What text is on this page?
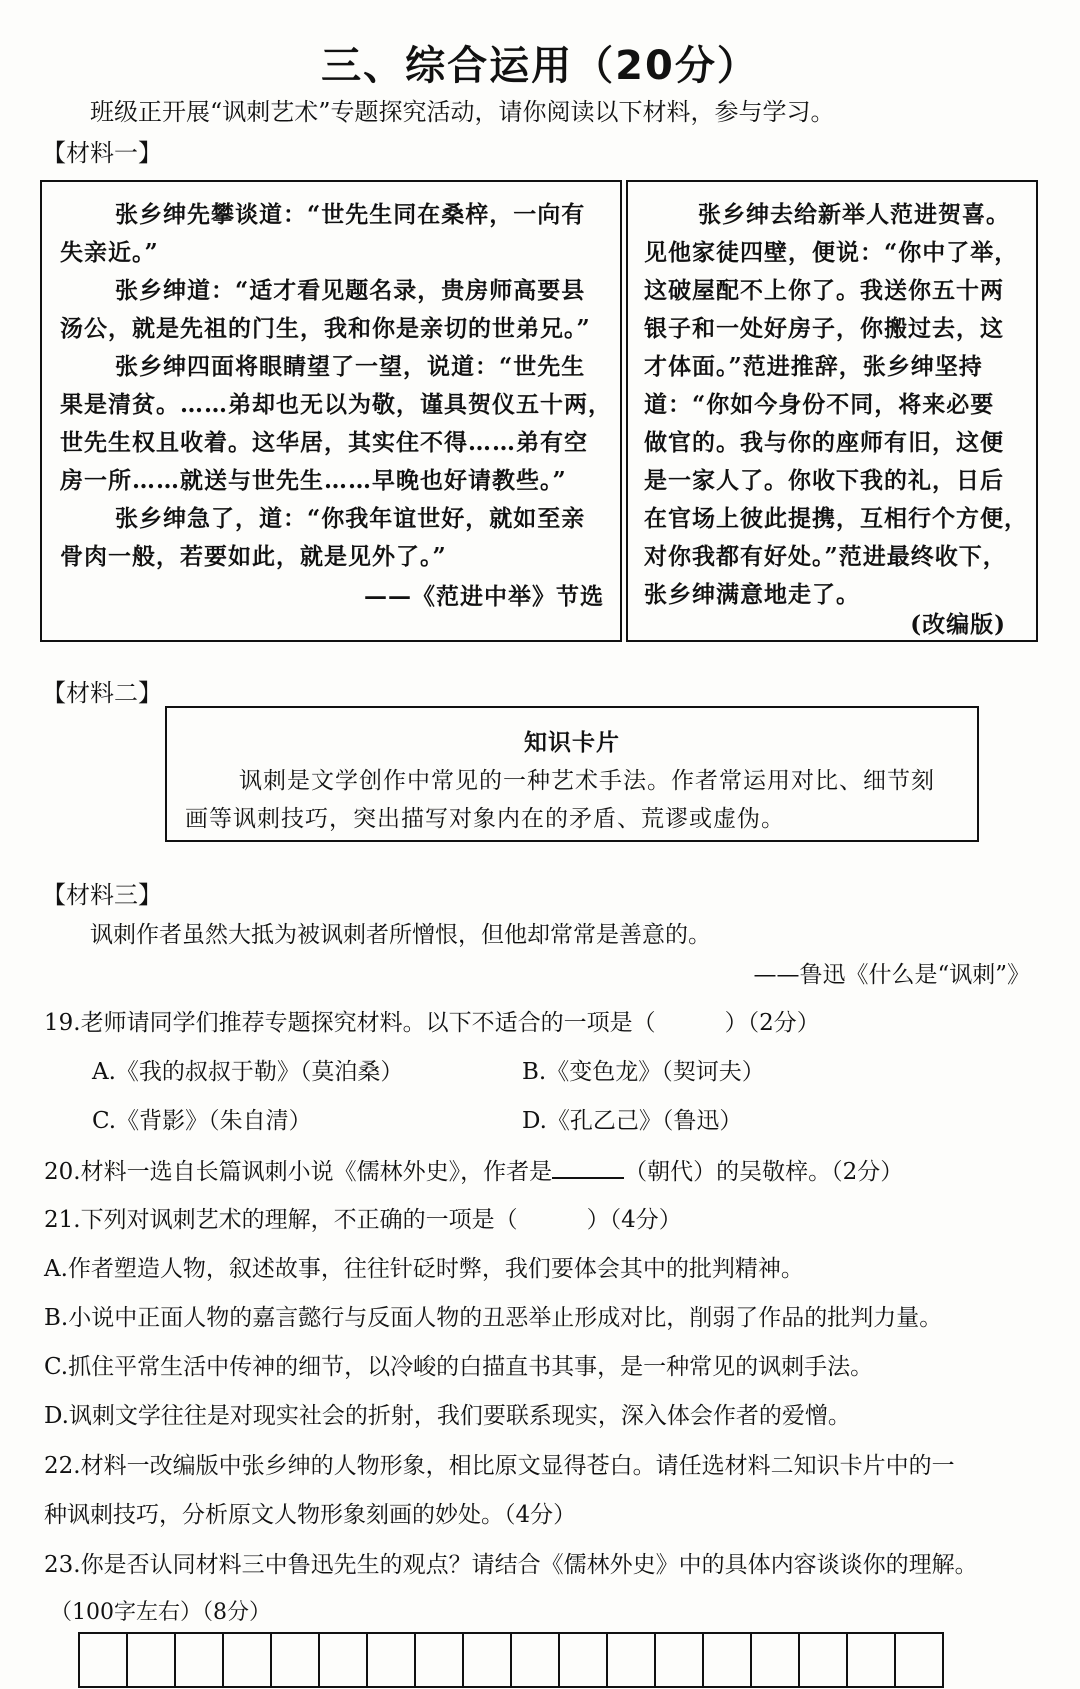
三、综合运用（20分）
班级正开展“讽刺艺术”专题探究活动，请你阅读以下材料，参与学习。
【材料一】
张乡绅先攀谈道：“世先生同在桑梓，一向有
失亲近。”
张乡绅道：“适才看见题名录，贵房师高要县
汤公，就是先祖的门生，我和你是亲切的世弟兄。”
张乡绅四面将眼睛望了一望，说道：“世先生
果是清贫。……弟却也无以为敬，谨具贺仪五十两，
世先生权且收着。这华居，其实住不得……弟有空
房一所……就送与世先生……早晚也好请教些。”
张乡绅急了，道：“你我年谊世好，就如至亲
骨肉一般，若要如此，就是见外了。”
——《范进中举》节选
张乡绅去给新举人范进贺喜。
见他家徒四壁，便说：“你中了举，
这破屋配不上你了。我送你五十两
银子和一处好房子，你搬过去，这
才体面。”范进推辞，张乡绅坚持
道：“你如今身份不同，将来必要
做官的。我与你的座师有旧，这便
是一家人了。你收下我的礼，日后
在官场上彼此提携，互相行个方便，
对你我都有好处。”范进最终收下，
张乡绅满意地走了。
(改编版)
【材料二】
知识卡片
讽刺是文学创作中常见的一种艺术手法。作者常运用对比、细节刻
画等讽刺技巧，突出描写对象内在的矛盾、荒谬或虚伪。
【材料三】
讽刺作者虽然大抵为被讽刺者所憎恨，但他却常常是善意的。
——鲁迅《什么是“讽刺”》
19.老师请同学们推荐专题探究材料。以下不适合的一项是（　　　）（2分）
A.《我的叔叔于勒》（莫泊桑）	B.《变色龙》（契诃夫）
C.《背影》（朱自清）	D.《孔乙己》（鲁迅）
20.材料一选自长篇讽刺小说《儒林外史》，作者是	（朝代）的吴敬梓。（2分）
21.下列对讽刺艺术的理解，不正确的一项是（　　　）（4分）
A.作者塑造人物，叙述故事，往往针砭时弊，我们要体会其中的批判精神。
B.小说中正面人物的嘉言懿行与反面人物的丑恶举止形成对比，削弱了作品的批判力量。
C.抓住平常生活中传神的细节，以冷峻的白描直书其事，是一种常见的讽刺手法。
D.讽刺文学往往是对现实社会的折射，我们要联系现实，深入体会作者的爱憎。
22.材料一改编版中张乡绅的人物形象，相比原文显得苍白。请任选材料二知识卡片中的一
种讽刺技巧，分析原文人物形象刻画的妙处。（4分）
23.你是否认同材料三中鲁迅先生的观点？请结合《儒林外史》中的具体内容谈谈你的理解。
（100字左右）（8分）
